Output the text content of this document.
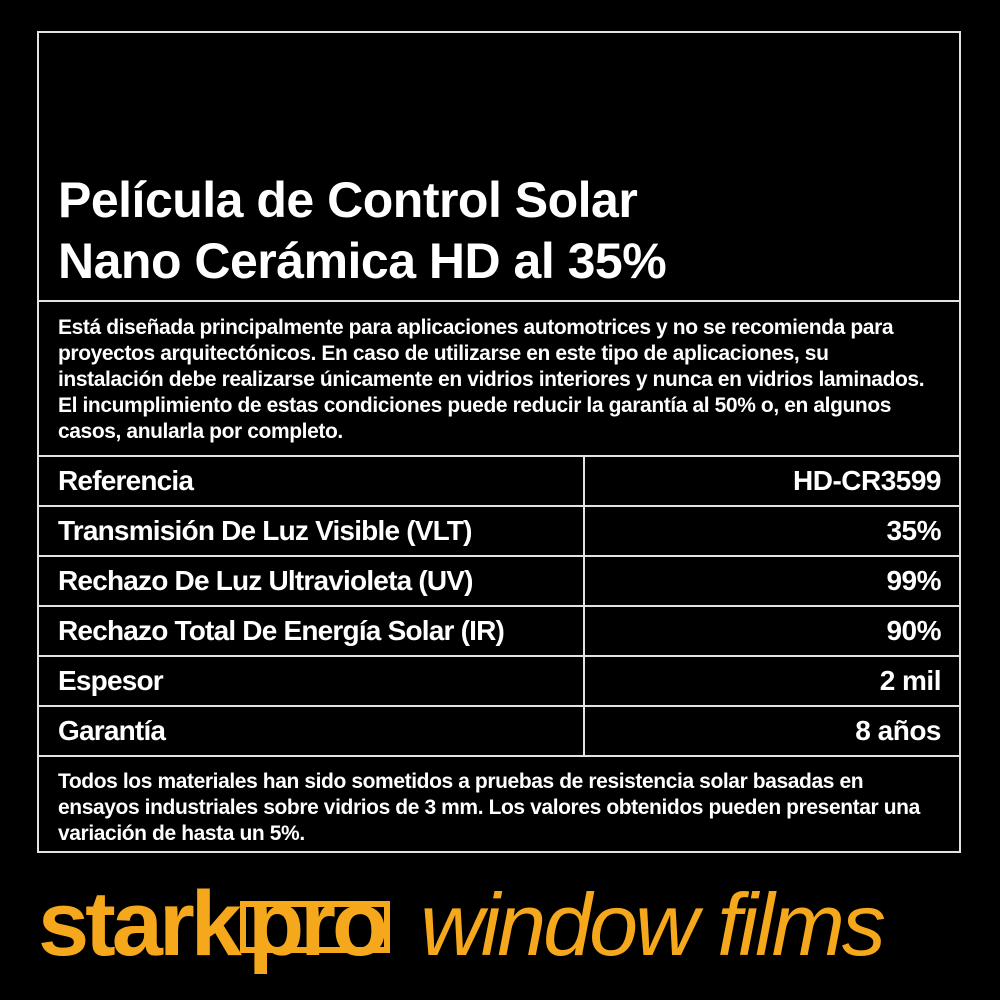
Película de Control Solar
Nano Cerámica HD al 35%
Está diseñada principalmente para aplicaciones automotrices y no se recomienda para proyectos arquitectónicos. En caso de utilizarse en este tipo de aplicaciones, su instalación debe realizarse únicamente en vidrios interiores y nunca en vidrios laminados. El incumplimiento de estas condiciones puede reducir la garantía al 50% o, en algunos casos, anularla por completo.
Referencia	HD-CR3599
Transmisión De Luz Visible (VLT)	35%
Rechazo De Luz Ultravioleta (UV)	99%
Rechazo Total De Energía Solar (IR)	90%
Espesor	2 mil
Garantía	8 años
Todos los materiales han sido sometidos a pruebas de resistencia solar basadas en ensayos industriales sobre vidrios de 3 mm. Los valores obtenidos pueden presentar una variación de hasta un 5%.
stark pro window films
